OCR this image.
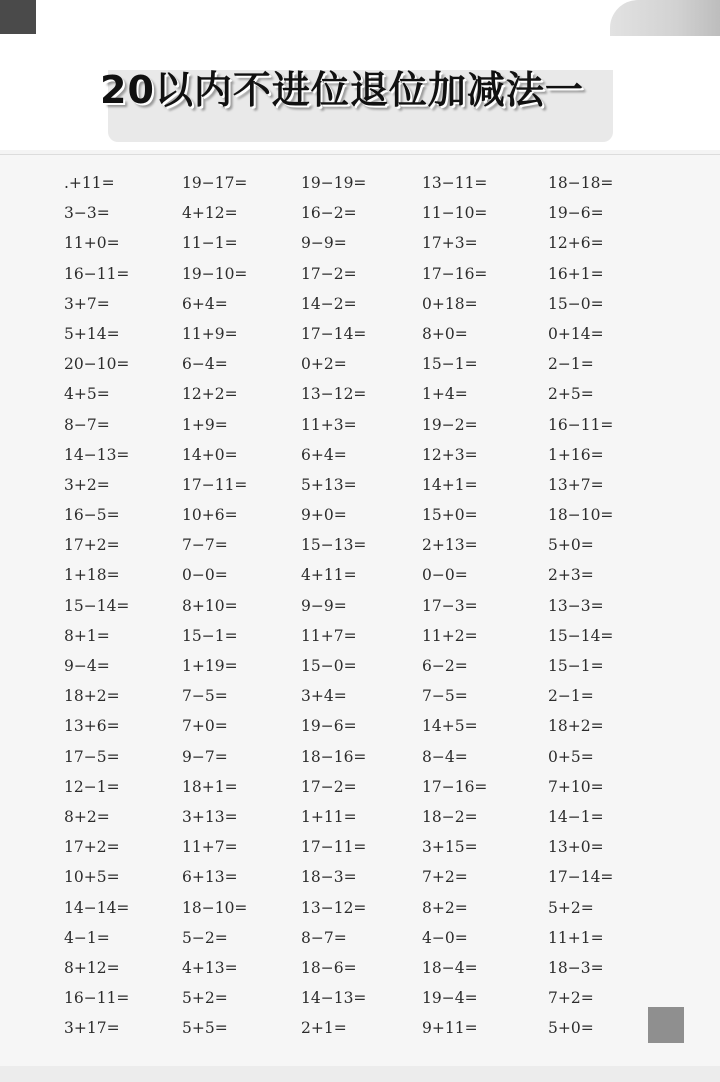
20以内不进位退位加减法一
.+11=	19−17=	19−19=	13−11=	18−18=
3−3=	4+12=	16−2=	11−10=	19−6=
11+0=	11−1=	9−9=	17+3=	12+6=
16−11=	19−10=	17−2=	17−16=	16+1=
3+7=	6+4=	14−2=	0+18=	15−0=
5+14=	11+9=	17−14=	8+0=	0+14=
20−10=	6−4=	0+2=	15−1=	2−1=
4+5=	12+2=	13−12=	1+4=	2+5=
8−7=	1+9=	11+3=	19−2=	16−11=
14−13=	14+0=	6+4=	12+3=	1+16=
3+2=	17−11=	5+13=	14+1=	13+7=
16−5=	10+6=	9+0=	15+0=	18−10=
17+2=	7−7=	15−13=	2+13=	5+0=
1+18=	0−0=	4+11=	0−0=	2+3=
15−14=	8+10=	9−9=	17−3=	13−3=
8+1=	15−1=	11+7=	11+2=	15−14=
9−4=	1+19=	15−0=	6−2=	15−1=
18+2=	7−5=	3+4=	7−5=	2−1=
13+6=	7+0=	19−6=	14+5=	18+2=
17−5=	9−7=	18−16=	8−4=	0+5=
12−1=	18+1=	17−2=	17−16=	7+10=
8+2=	3+13=	1+11=	18−2=	14−1=
17+2=	11+7=	17−11=	3+15=	13+0=
10+5=	6+13=	18−3=	7+2=	17−14=
14−14=	18−10=	13−12=	8+2=	5+2=
4−1=	5−2=	8−7=	4−0=	11+1=
8+12=	4+13=	18−6=	18−4=	18−3=
16−11=	5+2=	14−13=	19−4=	7+2=
3+17=	5+5=	2+1=	9+11=	5+0=
